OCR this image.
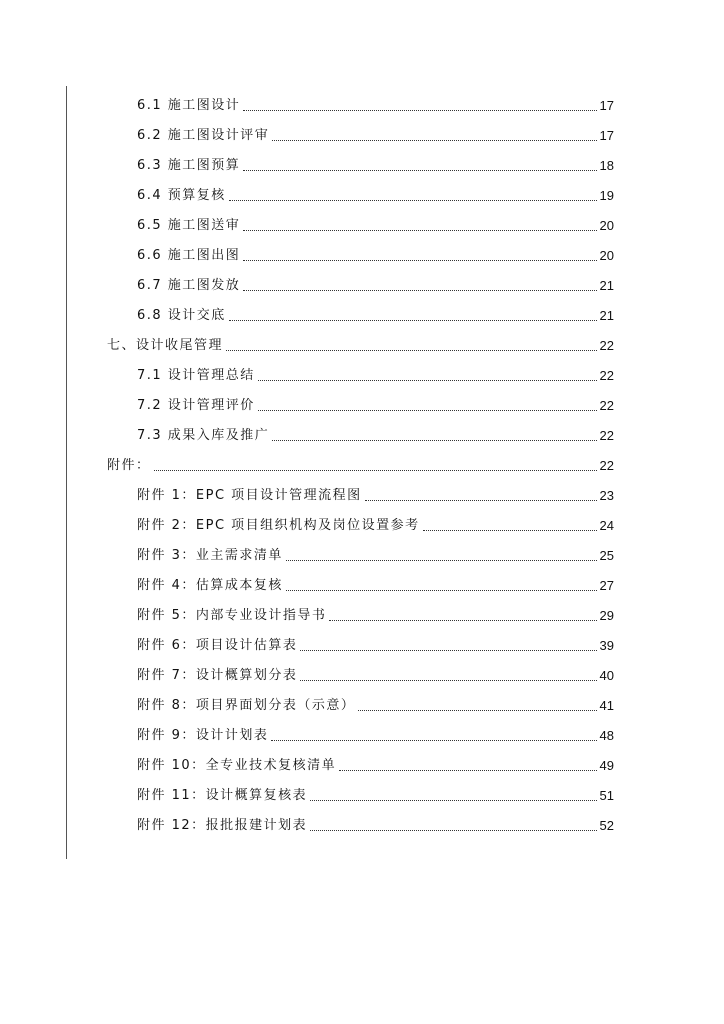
6.1 施工图设计	17
6.2 施工图设计评审	17
6.3 施工图预算	18
6.4 预算复核	19
6.5 施工图送审	20
6.6 施工图出图	20
6.7 施工图发放	21
6.8 设计交底	21
七、设计收尾管理	22
7.1 设计管理总结	22
7.2 设计管理评价	22
7.3 成果入库及推广	22
附件：	22
附件 1：EPC 项目设计管理流程图	23
附件 2：EPC 项目组织机构及岗位设置参考	24
附件 3：业主需求清单	25
附件 4：估算成本复核	27
附件 5：内部专业设计指导书	29
附件 6：项目设计估算表	39
附件 7：设计概算划分表	40
附件 8：项目界面划分表（示意）	41
附件 9：设计计划表	48
附件 10：全专业技术复核清单	49
附件 11：设计概算复核表	51
附件 12：报批报建计划表	52
